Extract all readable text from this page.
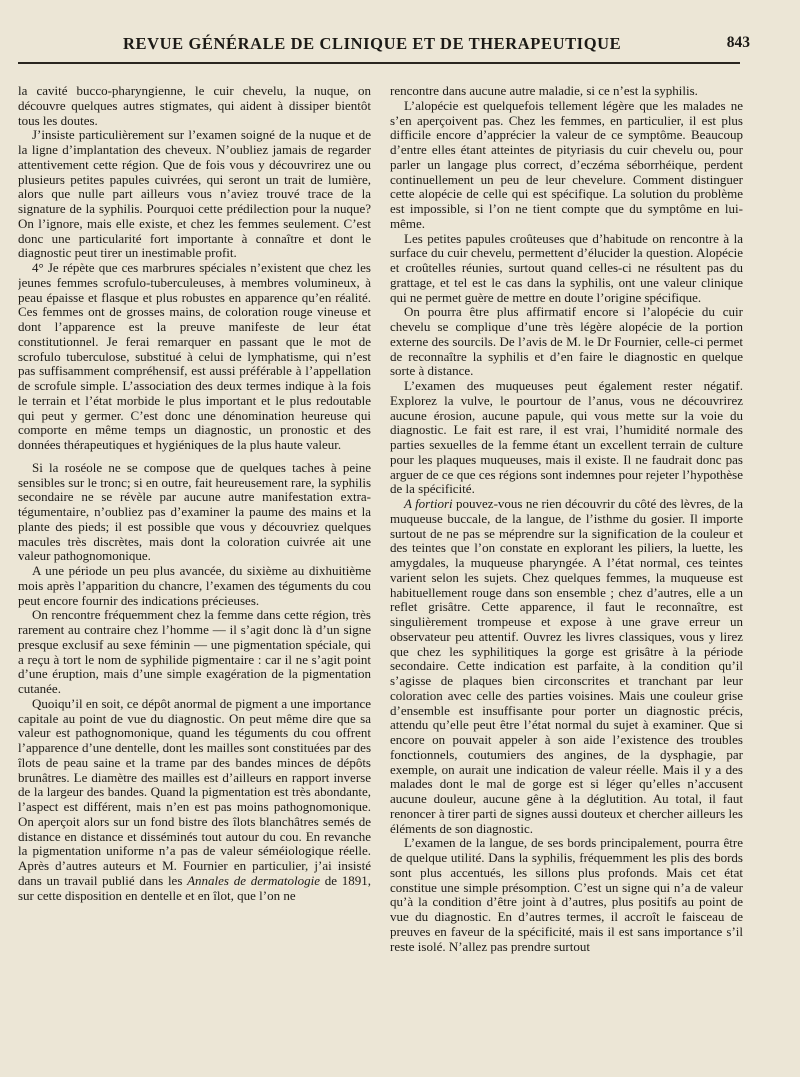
REVUE GÉNÉRALE DE CLINIQUE ET DE THERAPEUTIQUE	843

la cavité bucco-pharyngienne, le cuir chevelu, la nuque, on découvre quelques autres stigmates, qui aident à dissiper bientôt tous les doutes.

J’insiste particulièrement sur l’examen soigné de la nuque et de la ligne d’implantation des cheveux. N’oubliez jamais de regarder attentivement cette région. Que de fois vous y découvrirez une ou plusieurs petites papules cuivrées, qui seront un trait de lumière, alors que nulle part ailleurs vous n’aviez trouvé trace de la signature de la syphilis. Pourquoi cette prédilection pour la nuque? On l’ignore, mais elle existe, et chez les femmes seulement. C’est donc une particularité fort importante à connaître et dont le diagnostic peut tirer un inestimable profit.

4° Je répète que ces marbrures spéciales n’existent que chez les jeunes femmes scrofulo-tuberculeuses, à membres volumineux, à peau épaisse et flasque et plus robustes en apparence qu’en réalité. Ces femmes ont de grosses mains, de coloration rouge vineuse et dont l’apparence est la preuve manifeste de leur état constitutionnel. Je ferai remarquer en passant que le mot de scrofulo tuberculose, substitué à celui de lymphatisme, qui n’est pas suffisamment compréhensif, est aussi préférable à l’appellation de scrofule simple. L’association des deux termes indique à la fois le terrain et l’état morbide le plus important et le plus redoutable qui peut y germer. C’est donc une dénomination heureuse qui comporte en même temps un diagnostic, un pronostic et des données thérapeutiques et hygiéniques de la plus haute valeur.

Si la roséole ne se compose que de quelques taches à peine sensibles sur le tronc; si en outre, fait heureusement rare, la syphilis secondaire ne se révèle par aucune autre manifestation extra-tégumentaire, n’oubliez pas d’examiner la paume des mains et la plante des pieds; il est possible que vous y découvriez quelques macules très discrètes, mais dont la coloration cuivrée ait une valeur pathognomonique.

A une période un peu plus avancée, du sixième au dixhuitième mois après l’apparition du chancre, l’examen des téguments du cou peut encore fournir des indications précieuses.

On rencontre fréquemment chez la femme dans cette région, très rarement au contraire chez l’homme — il s’agit donc là d’un signe presque exclusif au sexe féminin — une pigmentation spéciale, qui a reçu à tort le nom de syphilide pigmentaire : car il ne s’agit point d’une éruption, mais d’une simple exagération de la pigmentation cutanée.

Quoiqu’il en soit, ce dépôt anormal de pigment a une importance capitale au point de vue du diagnostic. On peut même dire que sa valeur est pathognomonique, quand les téguments du cou offrent l’apparence d’une dentelle, dont les mailles sont constituées par des îlots de peau saine et la trame par des bandes minces de dépôts brunâtres. Le diamètre des mailles est d’ailleurs en rapport inverse de la largeur des bandes. Quand la pigmentation est très abondante, l’aspect est différent, mais n’en est pas moins pathognomonique. On aperçoit alors sur un fond bistre des îlots blanchâtres semés de distance en distance et disséminés tout autour du cou. En revanche la pigmentation uniforme n’a pas de valeur séméiologique réelle. Après d’autres auteurs et M. Fournier en particulier, j’ai insisté dans un travail publié dans les Annales de dermatologie de 1891, sur cette disposition en dentelle et en îlot, que l’on ne

rencontre dans aucune autre maladie, si ce n’est la syphilis.

L’alopécie est quelquefois tellement légère que les malades ne s’en aperçoivent pas. Chez les femmes, en particulier, il est plus difficile encore d’apprécier la valeur de ce symptôme. Beaucoup d’entre elles étant atteintes de pityriasis du cuir chevelu ou, pour parler un langage plus correct, d’eczéma séborrhéique, perdent continuellement un peu de leur chevelure. Comment distinguer cette alopécie de celle qui est spécifique. La solution du problème est impossible, si l’on ne tient compte que du symptôme en lui-même.

Les petites papules croûteuses que d’habitude on rencontre à la surface du cuir chevelu, permettent d’élucider la question. Alopécie et croûtelles réunies, surtout quand celles-ci ne résultent pas du grattage, et tel est le cas dans la syphilis, ont une valeur clinique qui ne permet guère de mettre en doute l’origine spécifique.

On pourra être plus affirmatif encore si l’alopécie du cuir chevelu se complique d’une très légère alopécie de la portion externe des sourcils. De l’avis de M. le Dr Fournier, celle-ci permet de reconnaître la syphilis et d’en faire le diagnostic en quelque sorte à distance.

L’examen des muqueuses peut également rester négatif. Explorez la vulve, le pourtour de l’anus, vous ne découvrirez aucune érosion, aucune papule, qui vous mette sur la voie du diagnostic. Le fait est rare, il est vrai, l’humidité normale des parties sexuelles de la femme étant un excellent terrain de culture pour les plaques muqueuses, mais il existe. Il ne faudrait donc pas arguer de ce que ces régions sont indemnes pour rejeter l’hypothèse de la spécificité.

A fortiori pouvez-vous ne rien découvrir du côté des lèvres, de la muqueuse buccale, de la langue, de l’isthme du gosier. Il importe surtout de ne pas se méprendre sur la signification de la couleur et des teintes que l’on constate en explorant les piliers, la luette, les amygdales, la muqueuse pharyngée. A l’état normal, ces teintes varient selon les sujets. Chez quelques femmes, la muqueuse est habituellement rouge dans son ensemble ; chez d’autres, elle a un reflet grisâtre. Cette apparence, il faut le reconnaître, est singulièrement trompeuse et expose à une grave erreur un observateur peu attentif. Ouvrez les livres classiques, vous y lirez que chez les syphilitiques la gorge est grisâtre à la période secondaire. Cette indication est parfaite, à la condition qu’il s’agisse de plaques bien circonscrites et tranchant par leur coloration avec celle des parties voisines. Mais une couleur grise d’ensemble est insuffisante pour porter un diagnostic précis, attendu qu’elle peut être l’état normal du sujet à examiner. Que si encore on pouvait appeler à son aide l’existence des troubles fonctionnels, coutumiers des angines, de la dysphagie, par exemple, on aurait une indication de valeur réelle. Mais il y a des malades dont le mal de gorge est si léger qu’elles n’accusent aucune douleur, aucune gêne à la déglutition. Au total, il faut renoncer à tirer parti de signes aussi douteux et chercher ailleurs les éléments de son diagnostic.

L’examen de la langue, de ses bords principalement, pourra être de quelque utilité. Dans la syphilis, fréquemment les plis des bords sont plus accentués, les sillons plus profonds. Mais cet état constitue une simple présomption. C’est un signe qui n’a de valeur qu’à la condition d’être joint à d’autres, plus positifs au point de vue du diagnostic. En d’autres termes, il accroît le faisceau de preuves en faveur de la spécificité, mais il est sans importance s’il reste isolé. N’allez pas prendre surtout
